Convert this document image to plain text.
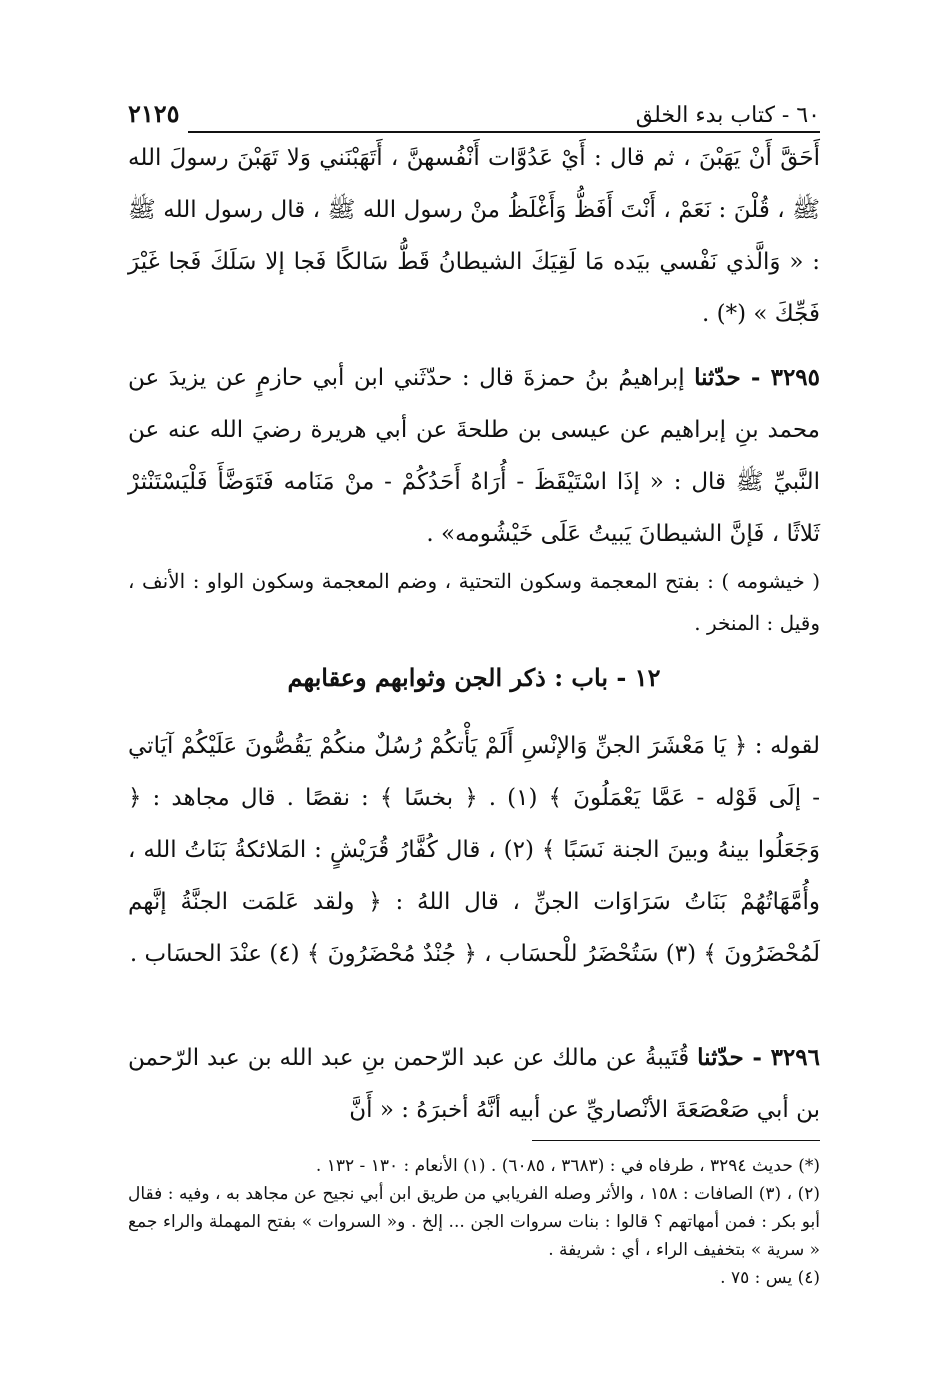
٦٠ - كتاب بدء الخلق
٢١٢٥

أَحَقَّ أَنْ يَهَبْنَ ، ثم قال : أَيْ عَدُوَّات أَنْفُسهنَّ ، أَتَهَبْنَني وَلا تَهَبْنَ رسولَ الله ﷺ ، قُلْنَ : نَعَمْ ، أَنْتَ أَفَظُّ وَأَغْلَظُ منْ رسول الله ﷺ ، قال رسول الله ﷺ : « وَالَّذي نَفْسي بيَده مَا لَقِيَكَ الشيطانُ قَطُّ سَالكًا فَجا إلا سَلَكَ فَجا غَيْرَ فَجِّكَ » (*) .

٣٢٩٥ - حدّثنا إبراهيمُ بنُ حمزةَ قال : حدّثَني ابن أبي حازمٍ عن يزيدَ عن محمد بنِ إبراهيم عن عيسى بن طلحةَ عن أبي هريرة رضيَ الله عنه عن النَّبيِّ ﷺ قال : « إذَا اسْتَيْقَظَ - أُرَاهُ أَحَدُكُمْ - منْ مَنَامه فَتَوَضَّأَ فَلْيَسْتَنْثرْ ثَلاثًا ، فَإنَّ الشيطانَ يَبيتُ عَلَى خَيْشُومه» .

( خيشومه ) : بفتح المعجمة وسكون التحتية ، وضم المعجمة وسكون الواو : الأنف ، وقيل : المنخر .

١٢ - باب : ذكر الجن وثوابهم وعقابهم

لقوله : ﴿ يَا مَعْشَرَ الجنِّ وَالإنْسِ أَلَمْ يَأْتكُمْ رُسُلٌ منكُمْ يَقُصُّونَ عَلَيْكُمْ آيَاتي - إلَى قَوْله - عَمَّا يَعْمَلُونَ ﴾ (١) . ﴿ بخسًا ﴾ : نقصًا . قال مجاهد : ﴿ وَجَعَلُوا بينهُ وبينَ الجنة نَسَبًا ﴾ (٢) ، قال كُفَّارُ قُرَيْشٍ : المَلائكةُ بَنَاتُ الله ، وأُمَّهَاتُهُمْ بَنَاتُ سَرَاوَات الجنِّ ، قال اللهُ : ﴿ ولقد عَلمَت الجنَّةُ إنَّهم لَمُحْضَرُونَ ﴾ (٣) سَتُحْضَرُ للْحسَاب ، ﴿ جُنْدٌ مُحْضَرُونَ ﴾ (٤) عنْدَ الحسَاب .

٣٢٩٦ - حدّثنا قُتَيبةُ عن مالك عن عبد الرّحمن بنِ عبد الله بن عبد الرّحمن بن أبي صَعْصَعَةَ الأنْصاريِّ عن أبيه أنَّهُ أخبرَهُ : « أَنَّ

(*) حديث ٣٢٩٤ ، طرفاه في : (٣٦٨٣ ، ٦٠٨٥) . (١) الأنعام : ١٣٠ - ١٣٢ .

(٢) ، (٣) الصافات : ١٥٨ ، والأثر وصله الفريابي من طريق ابن أبي نجيح عن مجاهد به ، وفيه : فقال أبو بكر : فمن أمهاتهم ؟ قالوا : بنات سروات الجن ... إلخ . و« السروات » بفتح المهملة والراء جمع « سرية » بتخفيف الراء ، أي : شريفة .

(٤) يس : ٧٥ .
